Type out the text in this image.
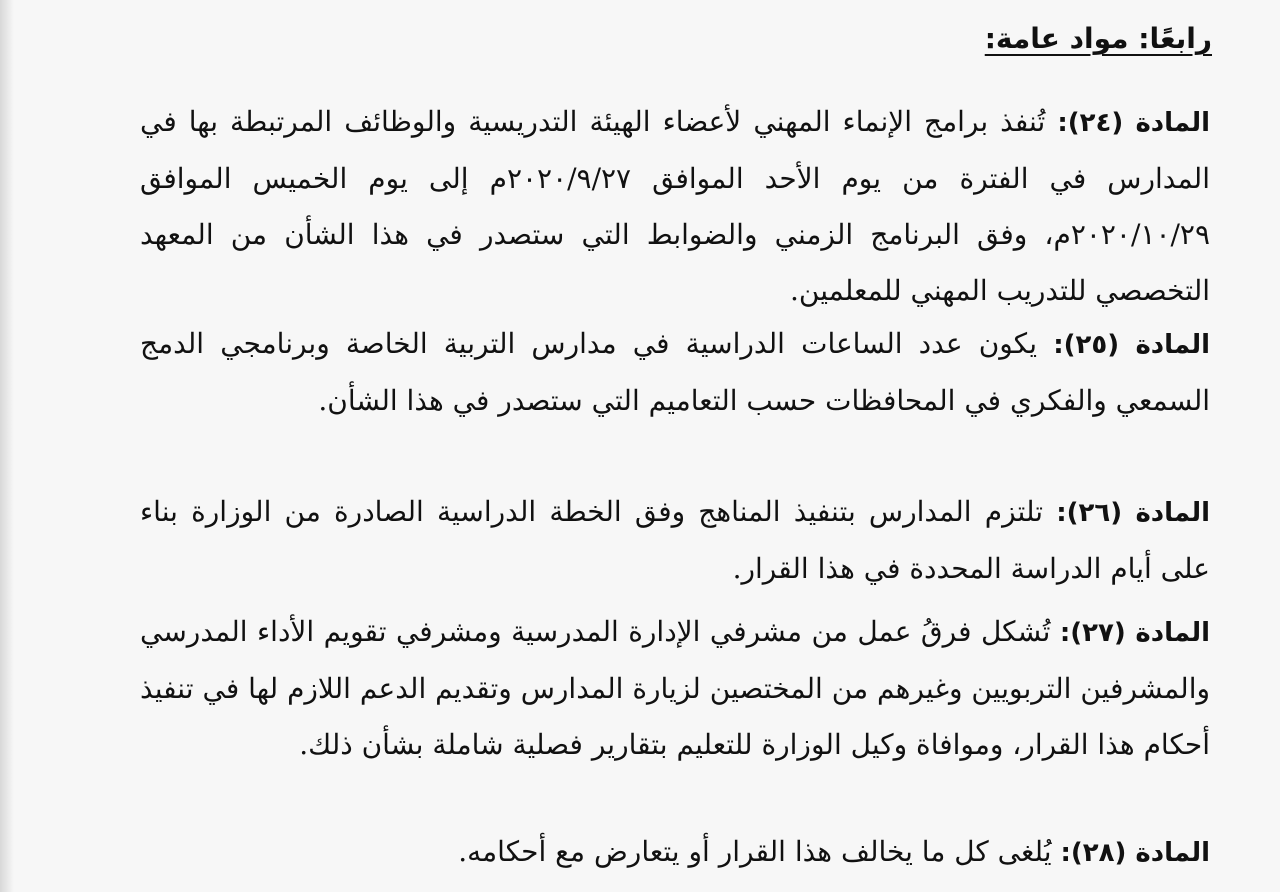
رابعًا: مواد عامة:

المادة (٢٤): تُنفذ برامج الإنماء المهني لأعضاء الهيئة التدريسية والوظائف المرتبطة بها في المدارس في الفترة من يوم الأحد الموافق ٢٠٢٠/٩/٢٧م إلى يوم الخميس الموافق ٢٠٢٠/١٠/٢٩م، وفق البرنامج الزمني والضوابط التي ستصدر في هذا الشأن من المعهد التخصصي للتدريب المهني للمعلمين.

المادة (٢٥): يكون عدد الساعات الدراسية في مدارس التربية الخاصة وبرنامجي الدمج السمعي والفكري في المحافظات حسب التعاميم التي ستصدر في هذا الشأن.

المادة (٢٦): تلتزم المدارس بتنفيذ المناهج وفق الخطة الدراسية الصادرة من الوزارة بناء على أيام الدراسة المحددة في هذا القرار.

المادة (٢٧): تُشكل فرقُ عمل من مشرفي الإدارة المدرسية ومشرفي تقويم الأداء المدرسي والمشرفين التربويين وغيرهم من المختصين لزيارة المدارس وتقديم الدعم اللازم لها في تنفيذ أحكام هذا القرار، وموافاة وكيل الوزارة للتعليم بتقارير فصلية شاملة بشأن ذلك.

المادة (٢٨): يُلغى كل ما يخالف هذا القرار أو يتعارض مع أحكامه.
